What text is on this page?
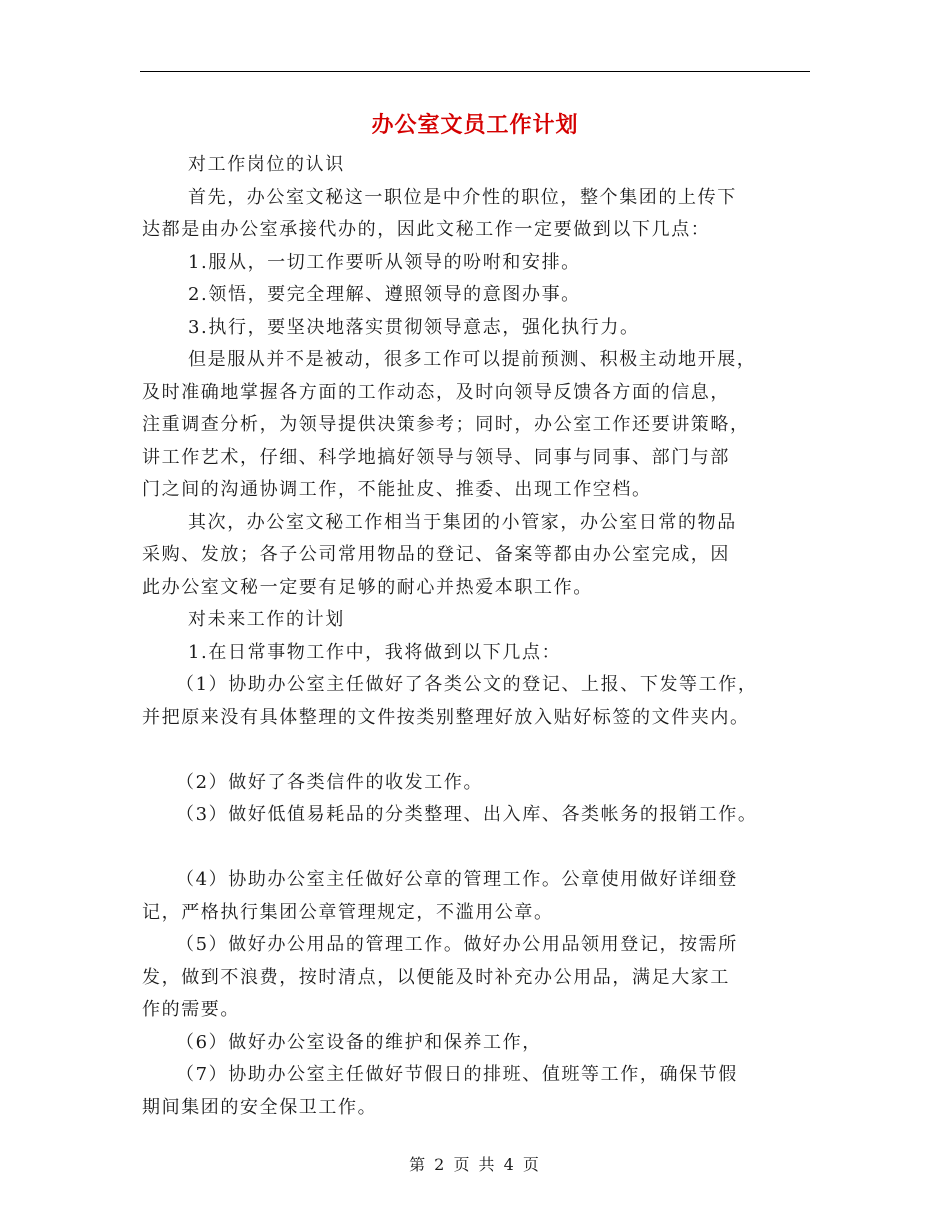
办公室文员工作计划

对工作岗位的认识

首先，办公室文秘这一职位是中介性的职位，整个集团的上传下

达都是由办公室承接代办的，因此文秘工作一定要做到以下几点：

1.服从，一切工作要听从领导的吩咐和安排。

2.领悟，要完全理解、遵照领导的意图办事。

3.执行，要坚决地落实贯彻领导意志，强化执行力。

但是服从并不是被动，很多工作可以提前预测、积极主动地开展，

及时准确地掌握各方面的工作动态，及时向领导反馈各方面的信息，

注重调查分析，为领导提供决策参考；同时，办公室工作还要讲策略，

讲工作艺术，仔细、科学地搞好领导与领导、同事与同事、部门与部

门之间的沟通协调工作，不能扯皮、推委、出现工作空档。

其次，办公室文秘工作相当于集团的小管家，办公室日常的物品

采购、发放；各子公司常用物品的登记、备案等都由办公室完成，因

此办公室文秘一定要有足够的耐心并热爱本职工作。

对未来工作的计划

1.在日常事物工作中，我将做到以下几点：

（1）协助办公室主任做好了各类公文的登记、上报、下发等工作，

并把原来没有具体整理的文件按类别整理好放入贴好标签的文件夹内。

（2）做好了各类信件的收发工作。

（3）做好低值易耗品的分类整理、出入库、各类帐务的报销工作。

（4）协助办公室主任做好公章的管理工作。公章使用做好详细登

记，严格执行集团公章管理规定，不滥用公章。

（5）做好办公用品的管理工作。做好办公用品领用登记，按需所

发，做到不浪费，按时清点，以便能及时补充办公用品，满足大家工

作的需要。

（6）做好办公室设备的维护和保养工作，

（7）协助办公室主任做好节假日的排班、值班等工作，确保节假

期间集团的安全保卫工作。

第 2 页 共 4 页
